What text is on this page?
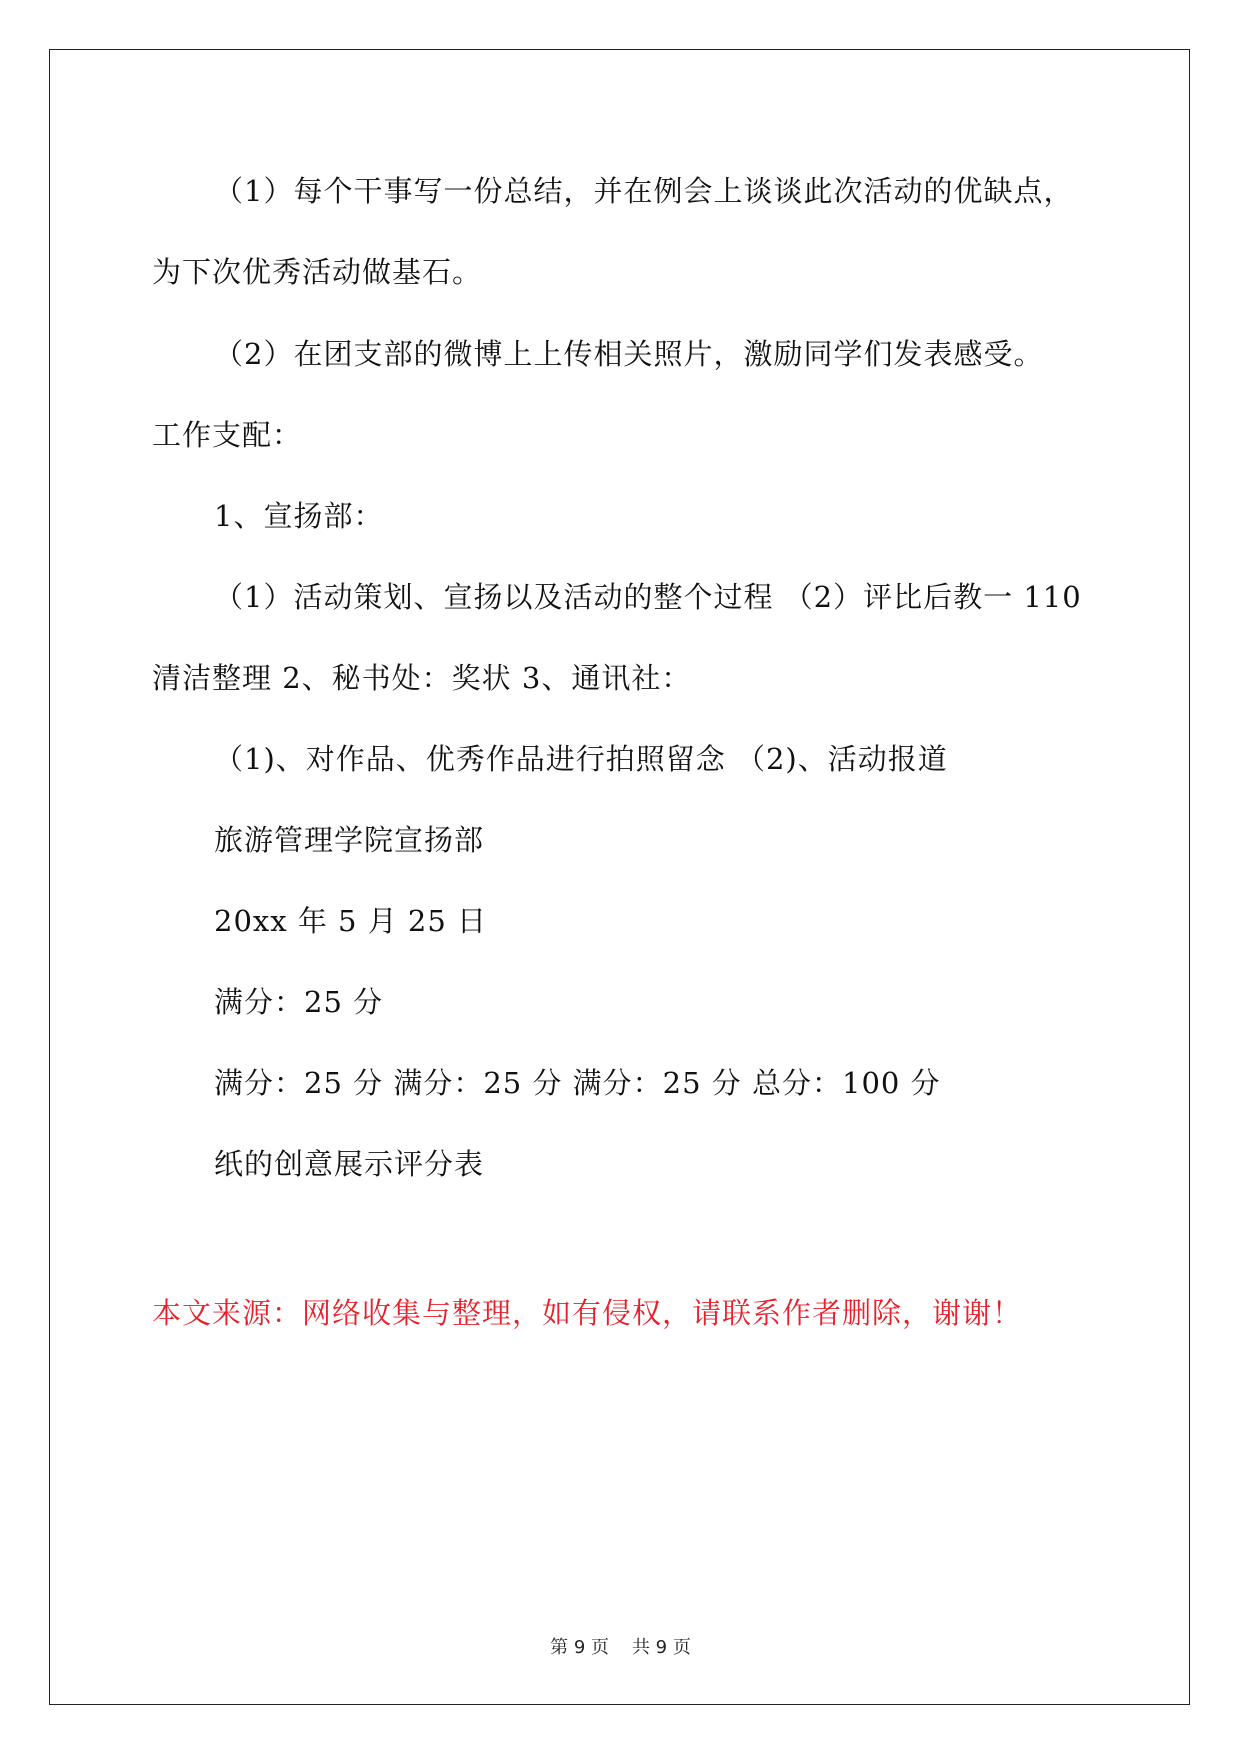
（1）每个干事写一份总结，并在例会上谈谈此次活动的优缺点，
为下次优秀活动做基石。
（2）在团支部的微博上上传相关照片，激励同学们发表感受。
工作支配：
1、宣扬部：
（1）活动策划、宣扬以及活动的整个过程 （2）评比后教一 110
清洁整理 2、秘书处：奖状 3、通讯社：
（1)、对作品、优秀作品进行拍照留念 （2)、活动报道
旅游管理学院宣扬部
20xx 年 5 月 25 日
满分：25 分
满分：25 分 满分：25 分 满分：25 分 总分：100 分
纸的创意展示评分表
本文来源：网络收集与整理，如有侵权，请联系作者删除，谢谢！
第 9 页 共 9 页
